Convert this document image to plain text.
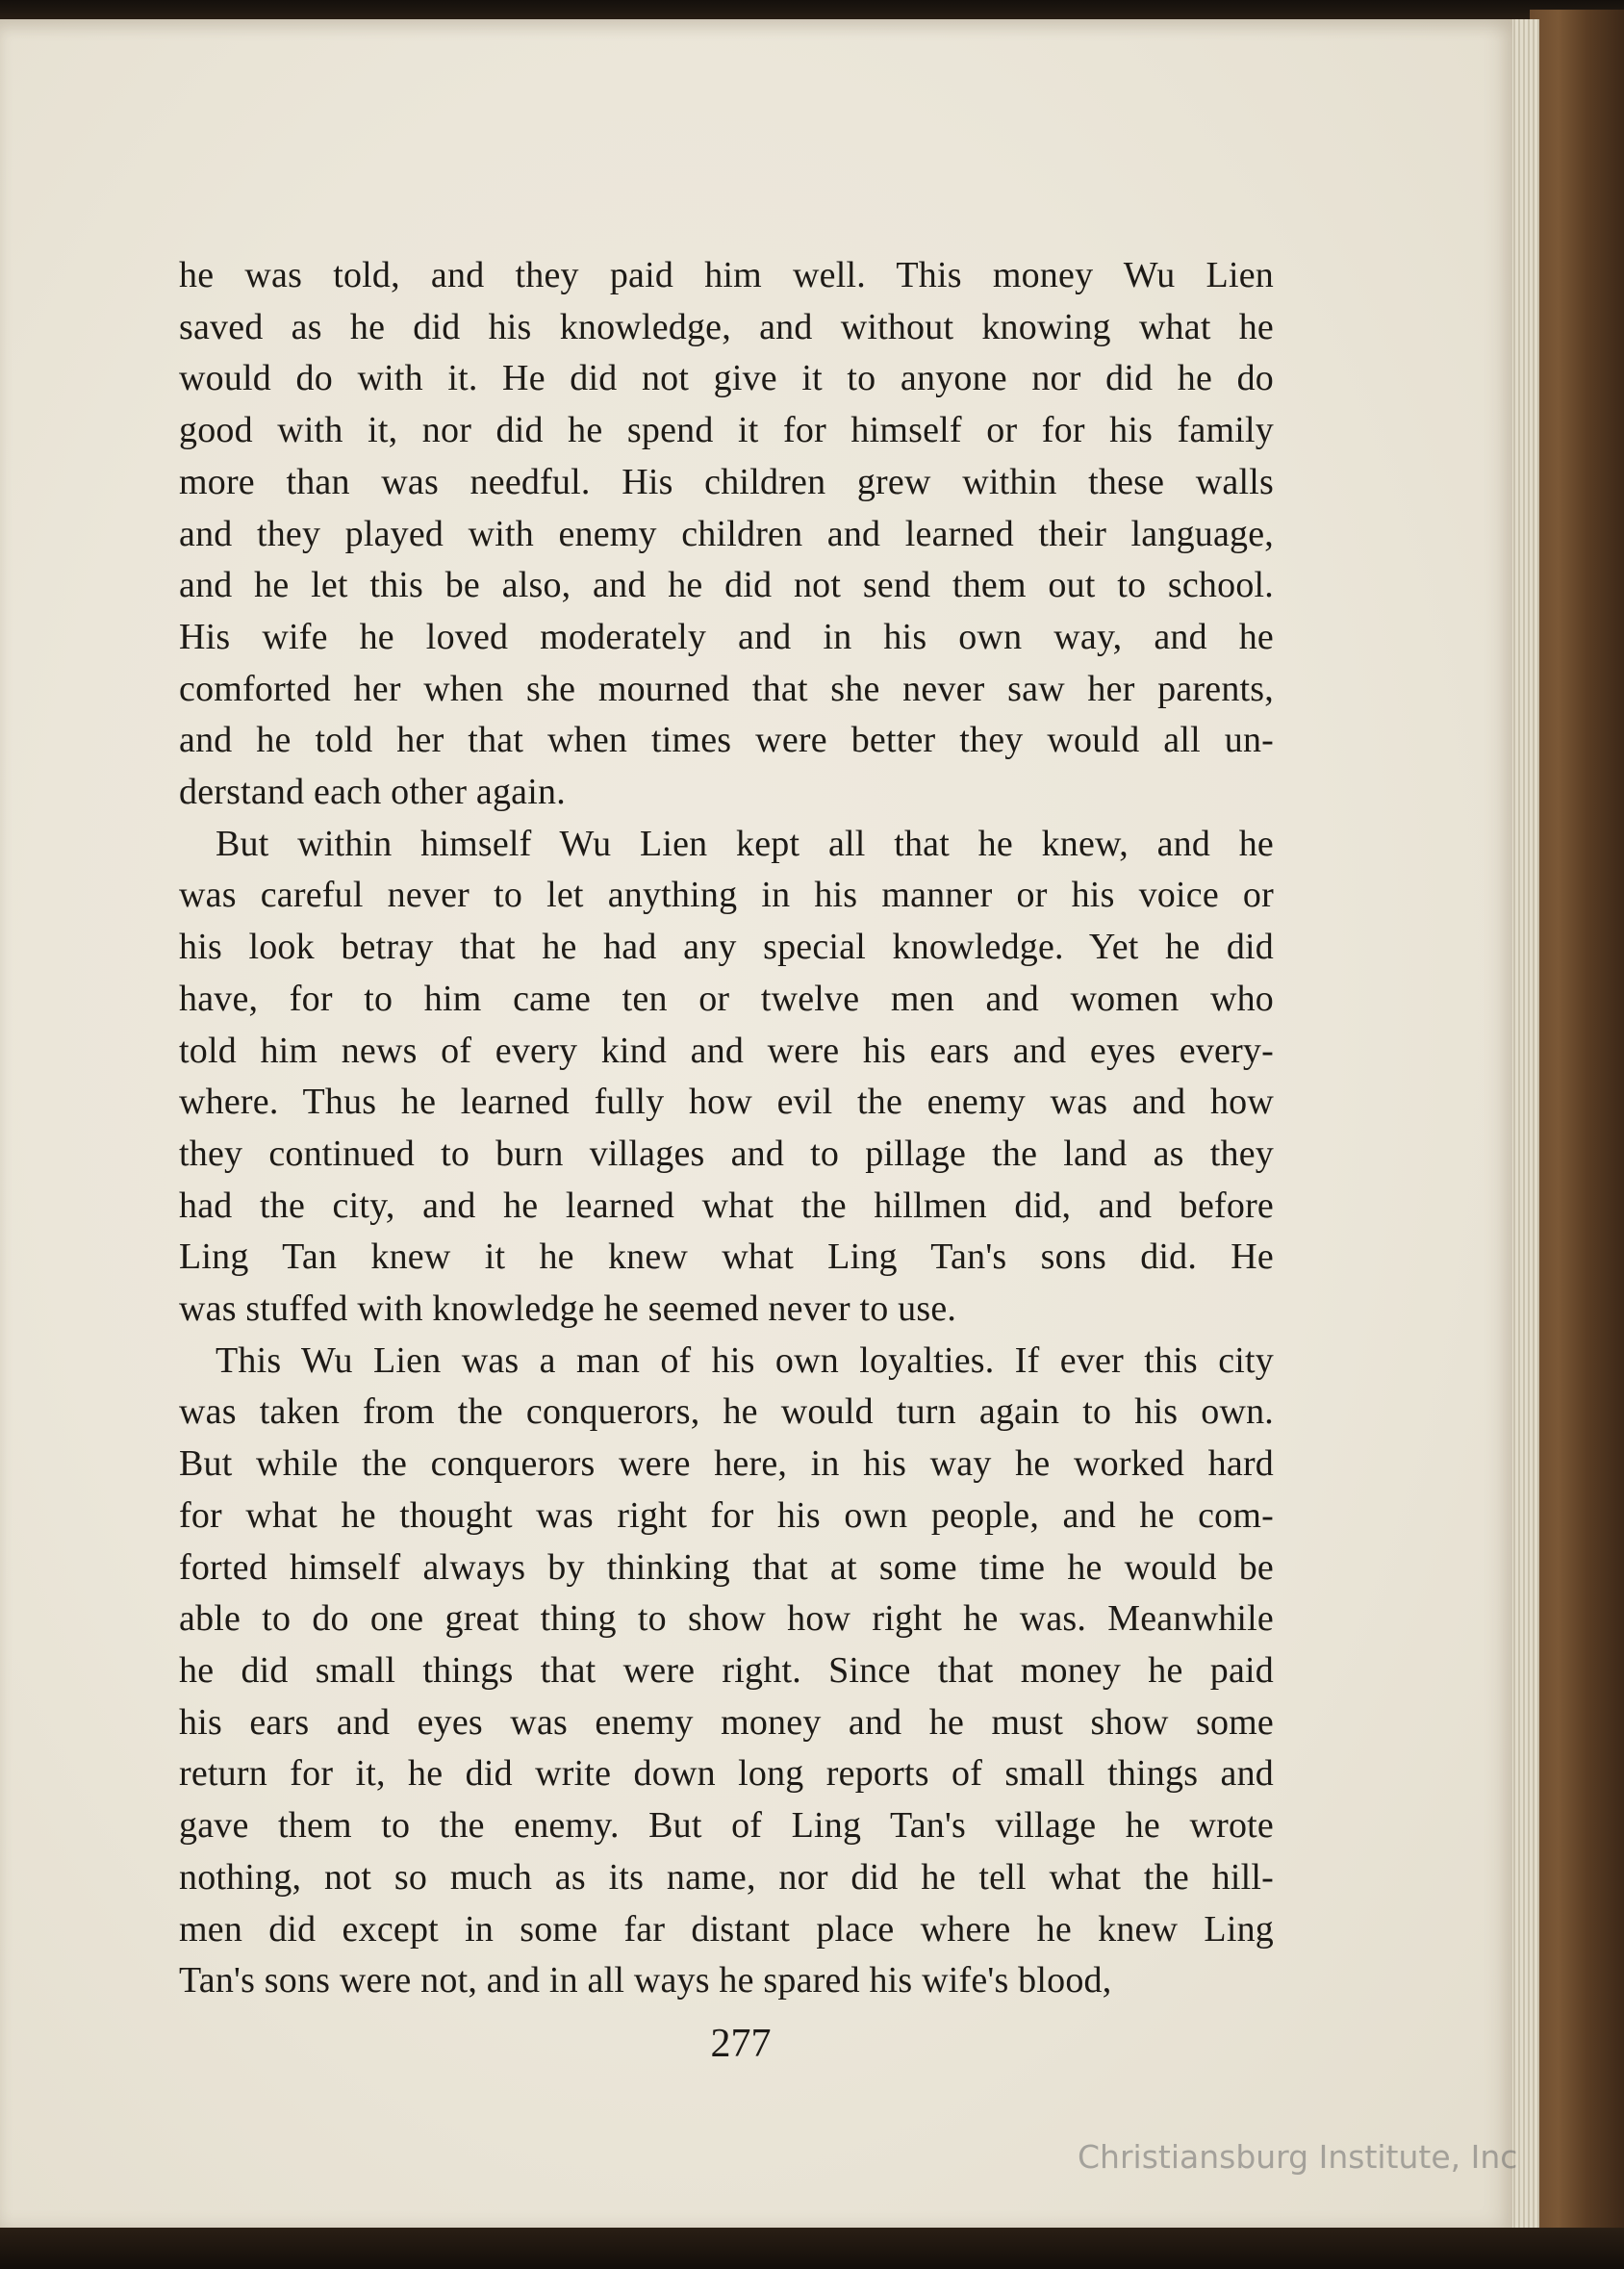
he was told, and they paid him well. This money Wu Lien
saved as he did his knowledge, and without knowing what he
would do with it. He did not give it to anyone nor did he do
good with it, nor did he spend it for himself or for his family
more than was needful. His children grew within these walls
and they played with enemy children and learned their language,
and he let this be also, and he did not send them out to school.
His wife he loved moderately and in his own way, and he
comforted her when she mourned that she never saw her parents,
and he told her that when times were better they would all un-
derstand each other again.
But within himself Wu Lien kept all that he knew, and he
was careful never to let anything in his manner or his voice or
his look betray that he had any special knowledge. Yet he did
have, for to him came ten or twelve men and women who
told him news of every kind and were his ears and eyes every-
where. Thus he learned fully how evil the enemy was and how
they continued to burn villages and to pillage the land as they
had the city, and he learned what the hillmen did, and before
Ling Tan knew it he knew what Ling Tan's sons did. He
was stuffed with knowledge he seemed never to use.
This Wu Lien was a man of his own loyalties. If ever this city
was taken from the conquerors, he would turn again to his own.
But while the conquerors were here, in his way he worked hard
for what he thought was right for his own people, and he com-
forted himself always by thinking that at some time he would be
able to do one great thing to show how right he was. Meanwhile
he did small things that were right. Since that money he paid
his ears and eyes was enemy money and he must show some
return for it, he did write down long reports of small things and
gave them to the enemy. But of Ling Tan's village he wrote
nothing, not so much as its name, nor did he tell what the hill-
men did except in some far distant place where he knew Ling
Tan's sons were not, and in all ways he spared his wife's blood,
277
Christiansburg Institute, Inc
